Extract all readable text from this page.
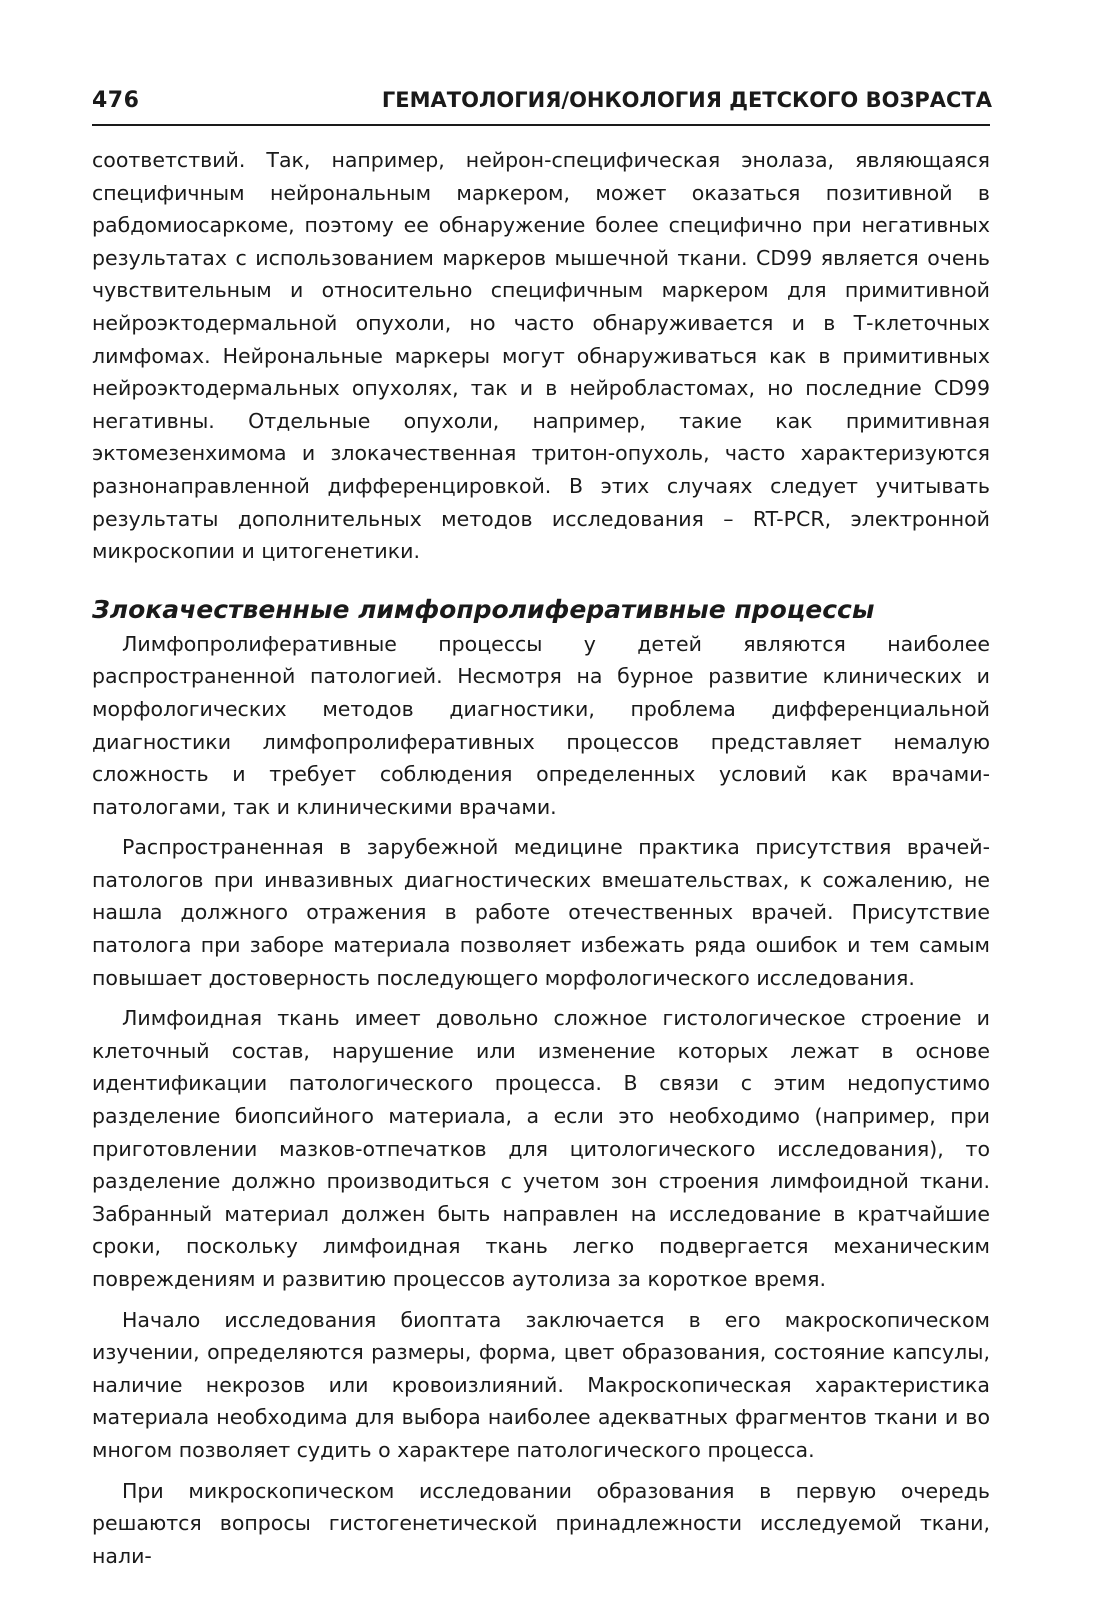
476	ГЕМАТОЛОГИЯ/ОНКОЛОГИЯ ДЕТСКОГО ВОЗРАСТА

соответствий. Так, например, нейрон-специфическая энолаза, являющаяся специфичным нейрональным маркером, может оказаться позитивной в рабдомиосаркоме, поэтому ее обнаружение более специфично при негативных результатах с использованием маркеров мышечной ткани. CD99 является очень чувствительным и относительно специфичным маркером для примитивной нейроэктодермальной опухоли, но часто обнаруживается и в Т-клеточных лимфомах. Нейрональные маркеры могут обнаруживаться как в примитивных нейроэктодермальных опухолях, так и в нейробластомах, но последние CD99 негативны. Отдельные опухоли, например, такие как примитивная эктомезенхимома и злокачественная тритон-опухоль, часто характеризуются разнонаправленной дифференцировкой. В этих случаях следует учитывать результаты дополнительных методов исследования – RT-PCR, электронной микроскопии и цитогенетики.

Злокачественные лимфопролиферативные процессы

Лимфопролиферативные процессы у детей являются наиболее распространенной патологией. Несмотря на бурное развитие клинических и морфологических методов диагностики, проблема дифференциальной диагностики лимфопролиферативных процессов представляет немалую сложность и требует соблюдения определенных условий как врачами-патологами, так и клиническими врачами.

Распространенная в зарубежной медицине практика присутствия врачей-патологов при инвазивных диагностических вмешательствах, к сожалению, не нашла должного отражения в работе отечественных врачей. Присутствие патолога при заборе материала позволяет избежать ряда ошибок и тем самым повышает достоверность последующего морфологического исследования.

Лимфоидная ткань имеет довольно сложное гистологическое строение и клеточный состав, нарушение или изменение которых лежат в основе идентификации патологического процесса. В связи с этим недопустимо разделение биопсийного материала, а если это необходимо (например, при приготовлении мазков-отпечатков для цитологического исследования), то разделение должно производиться с учетом зон строения лимфоидной ткани. Забранный материал должен быть направлен на исследование в кратчайшие сроки, поскольку лимфоидная ткань легко подвергается механическим повреждениям и развитию процессов аутолиза за короткое время.

Начало исследования биоптата заключается в его макроскопическом изучении, определяются размеры, форма, цвет образования, состояние капсулы, наличие некрозов или кровоизлияний. Макроскопическая характеристика материала необходима для выбора наиболее адекватных фрагментов ткани и во многом позволяет судить о характере патологического процесса.

При микроскопическом исследовании образования в первую очередь решаются вопросы гистогенетической принадлежности исследуемой ткани, нали-
